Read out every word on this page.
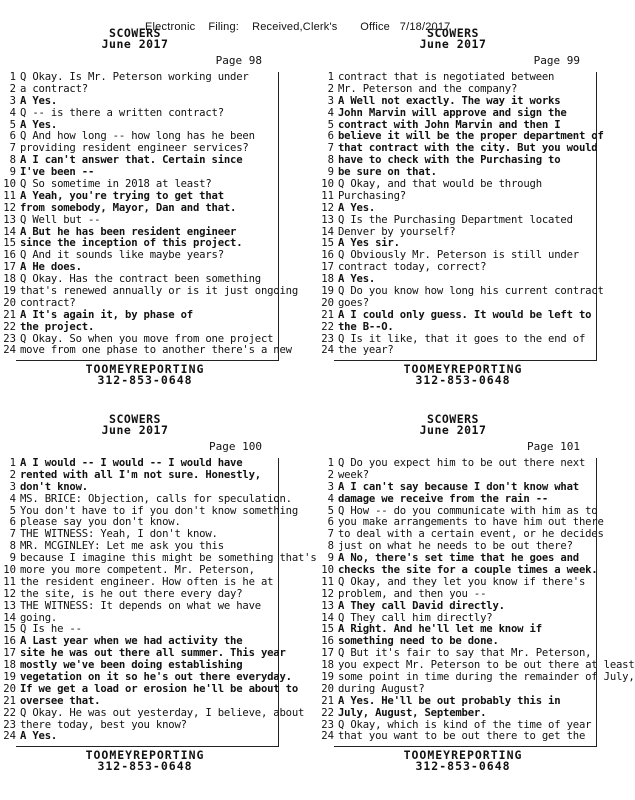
Electronic    Filing:    Received,Clerk's       Office   7/18/2017
SCOWERS
June 2017
Page 98
1 Q Okay. Is Mr. Peterson working under
2 a contract?
3 A Yes.
4 Q -- is there a written contract?
5 A Yes.
6 Q And how long -- how long has he been
7 providing resident engineer services?
8 A I can't answer that. Certain since
9 I've been --
10 Q So sometime in 2018 at least?
11 A Yeah, you're trying to get that
12 from somebody, Mayor, Dan and that.
13 Q Well but --
14 A But he has been resident engineer
15 since the inception of this project.
16 Q And it sounds like maybe years?
17 A He does.
18 Q Okay. Has the contract been something
19 that's renewed annually or is it just ongoing
20 contract?
21 A It's again it, by phase of
22 the project.
23 Q Okay. So when you move from one project
24 move from one phase to another there's a new
TOOMEYREPORTING
312-853-0648
SCOWERS
June 2017
Page 99
1 contract that is negotiated between
2 Mr. Peterson and the company?
3 A Well not exactly. The way it works
4 John Marvin will approve and sign the
5 contract with John Marvin and then I
6 believe it will be the proper department of
7 that contract with the city. But you would
8 have to check with the Purchasing to
9 be sure on that.
10 Q Okay, and that would be through
11 Purchasing?
12 A Yes.
13 Q Is the Purchasing Department located
14 Denver by yourself?
15 A Yes sir.
16 Q Obviously Mr. Peterson is still under
17 contract today, correct?
18 A Yes.
19 Q Do you know how long his current contract
20 goes?
21 A I could only guess. It would be left to
22 the B--O.
23 Q Is it like, that it goes to the end of
24 the year?
TOOMEYREPORTING
312-853-0648
SCOWERS
June 2017
Page 100
1 A I would -- I would -- I would have
2 rented with all I'm not sure. Honestly,
3 don't know.
4 MS. BRICE: Objection, calls for speculation.
5 You don't have to if you don't know something
6 please say you don't know.
7 THE WITNESS: Yeah, I don't know.
8 MR. MCGINLEY: Let me ask you this
9 because I imagine this might be something that's
10 more you more competent. Mr. Peterson,
11 the resident engineer. How often is he at
12 the site, is he out there every day?
13 THE WITNESS: It depends on what we have
14 going.
15 Q Is he --
16 A Last year when we had activity the
17 site he was out there all summer. This year
18 mostly we've been doing establishing
19 vegetation on it so he's out there everyday.
20 If we get a load or erosion he'll be about to
21 oversee that.
22 Q Okay. He was out yesterday, I believe, about
23 there today, best you know?
24 A Yes.
TOOMEYREPORTING
312-853-0648
SCOWERS
June 2017
Page 101
1 Q Do you expect him to be out there next
2 week?
3 A I can't say because I don't know what
4 damage we receive from the rain --
5 Q How -- do you communicate with him as to
6 you make arrangements to have him out there
7 to deal with a certain event, or he decides
8 just on what he needs to be out there?
9 A No, there's set time that he goes and
10 checks the site for a couple times a week.
11 Q Okay, and they let you know if there's
12 problem, and then you --
13 A They call David directly.
14 Q They call him directly?
15 A Right. And he'll let me know if
16 something need to be done.
17 Q But it's fair to say that Mr. Peterson,
18 you expect Mr. Peterson to be out there at least
19 some point in time during the remainder of July,
20 during August?
21 A Yes. He'll be out probably this in
22 July, August, September.
23 Q Okay, which is kind of the time of year
24 that you want to be out there to get the
TOOMEYREPORTING
312-853-0648
